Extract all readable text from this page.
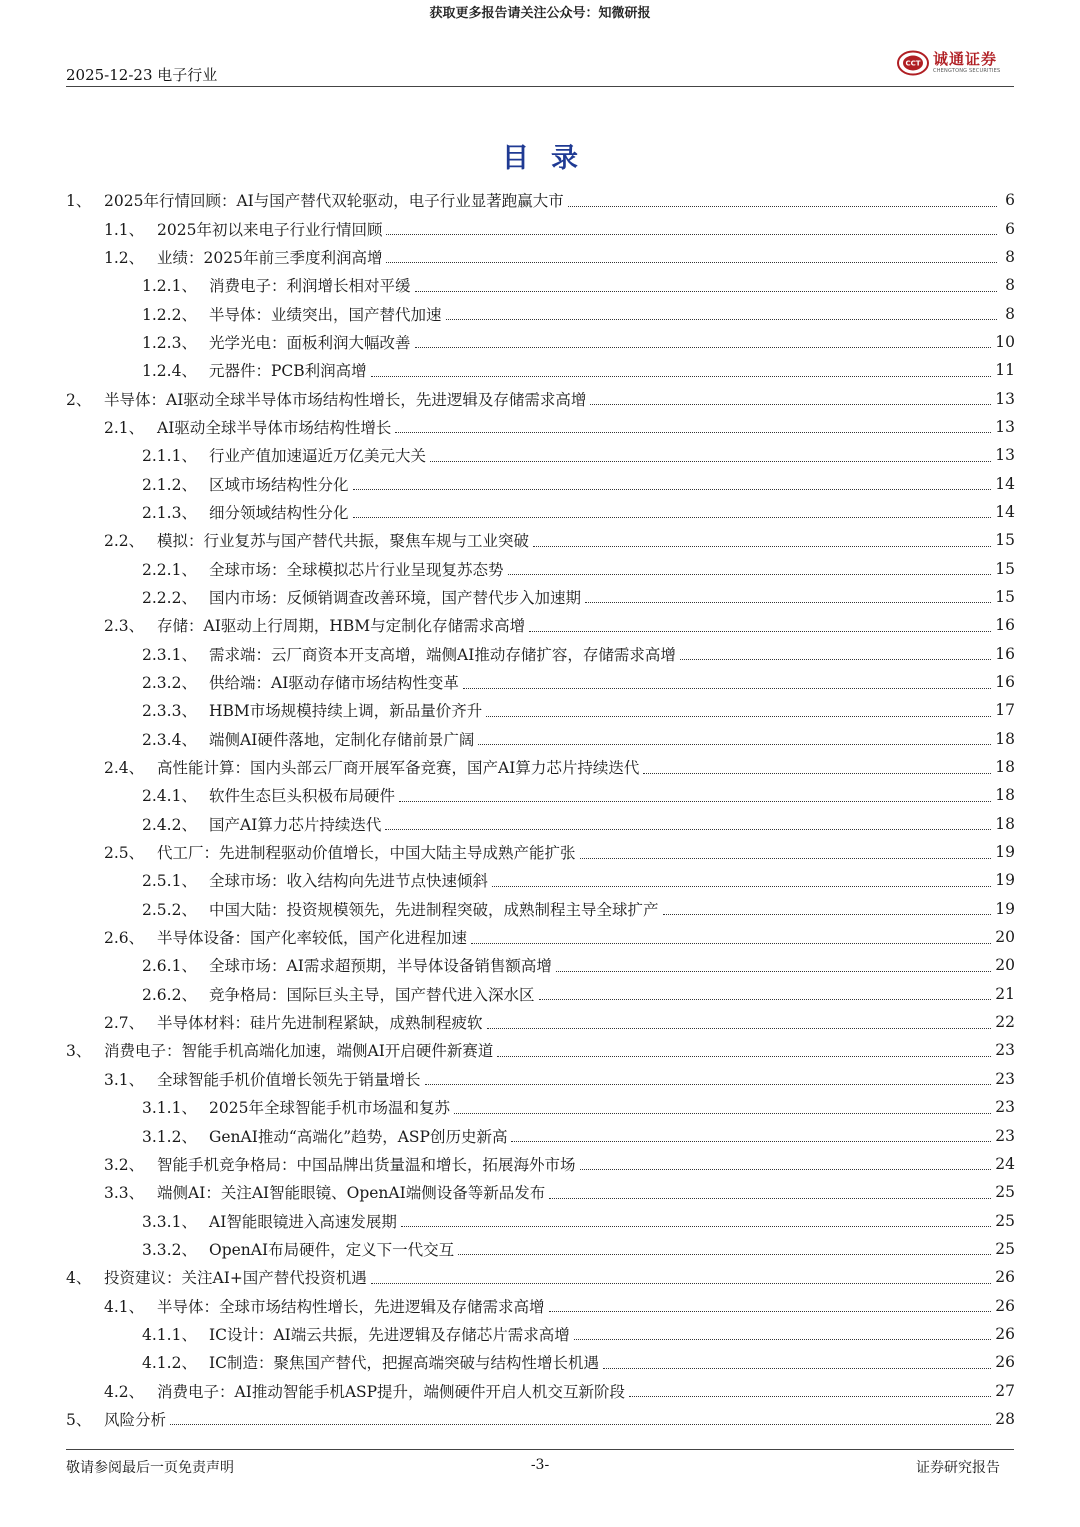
获取更多报告请关注公众号：知微研报
2025-12-23 电子行业
CCT 诚通证券
CHENGTONG SECURITIES
目录
1、 2025年行情回顾：AI与国产替代双轮驱动，电子行业显著跑赢大市	6
1.1、 2025年初以来电子行业行情回顾	6
1.2、 业绩：2025年前三季度利润高增	8
1.2.1、 消费电子：利润增长相对平缓	8
1.2.2、 半导体：业绩突出，国产替代加速	8
1.2.3、 光学光电：面板利润大幅改善	10
1.2.4、 元器件：PCB利润高增	11
2、 半导体：AI驱动全球半导体市场结构性增长，先进逻辑及存储需求高增	13
2.1、 AI驱动全球半导体市场结构性增长	13
2.1.1、 行业产值加速逼近万亿美元大关	13
2.1.2、 区域市场结构性分化	14
2.1.3、 细分领域结构性分化	14
2.2、 模拟：行业复苏与国产替代共振，聚焦车规与工业突破	15
2.2.1、 全球市场：全球模拟芯片行业呈现复苏态势	15
2.2.2、 国内市场：反倾销调查改善环境，国产替代步入加速期	15
2.3、 存储：AI驱动上行周期，HBM与定制化存储需求高增	16
2.3.1、 需求端：云厂商资本开支高增，端侧AI推动存储扩容，存储需求高增	16
2.3.2、 供给端：AI驱动存储市场结构性变革	16
2.3.3、 HBM市场规模持续上调，新品量价齐升	17
2.3.4、 端侧AI硬件落地，定制化存储前景广阔	18
2.4、 高性能计算：国内头部云厂商开展军备竞赛，国产AI算力芯片持续迭代	18
2.4.1、 软件生态巨头积极布局硬件	18
2.4.2、 国产AI算力芯片持续迭代	18
2.5、 代工厂：先进制程驱动价值增长，中国大陆主导成熟产能扩张	19
2.5.1、 全球市场：收入结构向先进节点快速倾斜	19
2.5.2、 中国大陆：投资规模领先，先进制程突破，成熟制程主导全球扩产	19
2.6、 半导体设备：国产化率较低，国产化进程加速	20
2.6.1、 全球市场：AI需求超预期，半导体设备销售额高增	20
2.6.2、 竞争格局：国际巨头主导，国产替代进入深水区	21
2.7、 半导体材料：硅片先进制程紧缺，成熟制程疲软	22
3、 消费电子：智能手机高端化加速，端侧AI开启硬件新赛道	23
3.1、 全球智能手机价值增长领先于销量增长	23
3.1.1、 2025年全球智能手机市场温和复苏	23
3.1.2、 GenAI推动“高端化”趋势，ASP创历史新高	23
3.2、 智能手机竞争格局：中国品牌出货量温和增长，拓展海外市场	24
3.3、 端侧AI：关注AI智能眼镜、OpenAI端侧设备等新品发布	25
3.3.1、 AI智能眼镜进入高速发展期	25
3.3.2、 OpenAI布局硬件，定义下一代交互	25
4、 投资建议：关注AI+国产替代投资机遇	26
4.1、 半导体：全球市场结构性增长，先进逻辑及存储需求高增	26
4.1.1、 IC设计：AI端云共振，先进逻辑及存储芯片需求高增	26
4.1.2、 IC制造：聚焦国产替代，把握高端突破与结构性增长机遇	26
4.2、 消费电子：AI推动智能手机ASP提升，端侧硬件开启人机交互新阶段	27
5、 风险分析	28
敬请参阅最后一页免责声明	-3-	证券研究报告
